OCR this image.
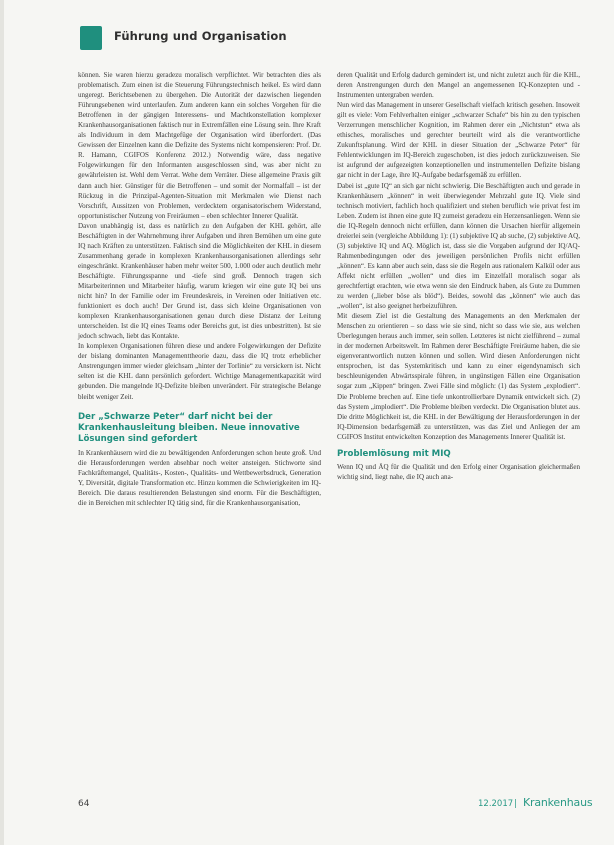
Führung und Organisation

können. Sie waren hierzu geradezu moralisch verpflichtet. Wir betrachten dies als problematisch. Zum einen ist die Steuerung Führungstechnisch heikel. Es wird dann ungeregt. Berichtsebenen zu übergehen. Die Autorität der dazwischen liegenden Führungsebenen wird unterlaufen. Zum anderen kann ein solches Vorgehen für die Betroffenen in der gängigen Interessens- und Machtkonstellation komplexer Krankenhausorganisationen faktisch nur in Extremfällen eine Lösung sein. Ihre Kraft als Individuum in dem Machtgefüge der Organisation wird überfordert. (Das Gewissen der Einzelnen kann die Defizite des Systems nicht kompensieren: Prof. Dr. R. Hamann, CGIFOS Konferenz 2012.) Notwendig wäre, dass negative Folgewirkungen für den Informanten ausgeschlossen sind, was aber nicht zu gewährleisten ist. Wehl dem Verrat. Wehe dem Verräter. Diese allgemeine Praxis gilt dann auch hier. Günstiger für die Betroffenen – und somit der Normalfall – ist der Rückzug in die Prinzipal-Agenten-Situation mit Merkmalen wie Dienst nach Vorschrift, Aussitzen von Problemen, verdecktem organisatorischem Widerstand, opportunistischer Nutzung von Freiräumen – eben schlechter Innerer Qualität.

Davon unabhängig ist, dass es natürlich zu den Aufgaben der KHL gehört, alle Beschäftigten in der Wahrnehmung ihrer Aufgaben und ihren Bemühen um eine gute IQ nach Kräften zu unterstützen. Faktisch sind die Möglichkeiten der KHL in diesem Zusammenhang gerade in komplexen Krankenhausorganisationen allerdings sehr eingeschränkt. Krankenhäuser haben mehr weiter 500, 1.000 oder auch deutlich mehr Beschäftigte. Führungsspanne und -tiefe sind groß. Dennoch tragen sich Mitarbeiterinnen und Mitarbeiter häufig, warum kriegen wir eine gute IQ bei uns nicht hin? In der Familie oder im Freundeskreis, in Vereinen oder Initiativen etc. funktioniert es doch auch! Der Grund ist, dass sich kleine Organisationen von komplexen Krankenhausorganisationen genau durch diese Distanz der Leitung unterscheiden. Ist die IQ eines Teams oder Bereichs gut, ist dies unbestritten). Ist sie jedoch schwach, liebt das Kontakte.

In komplexen Organisationen führen diese und andere Folgewirkungen der Defizite der bislang dominanten Managementtheorie dazu, dass die IQ trotz erheblicher Anstrengungen immer wieder gleichsam „hinter der Torlinie“ zu versickern ist. Nicht selten ist die KHL dann persönlich gefordert. Wichtige Managementkapazität wird gebunden. Die mangelnde IQ-Defizite bleiben unverändert. Für strategische Belange bleibt weniger Zeit.

Der „Schwarze Peter“ darf nicht bei der Krankenhausleitung bleiben. Neue innovative Lösungen sind gefordert

In Krankenhäusern wird die zu bewältigenden Anforderungen schon heute groß. Und die Herausforderungen werden absehbar noch weiter ansteigen. Stichworte sind Fachkräftemangel, Qualitäts-, Kosten-, Qualitäts- und Wettbewerbsdruck, Generation Y, Diversität, digitale Transformation etc. Hinzu kommen die Schwierigkeiten im IQ-Bereich. Die daraus resultierenden Belastungen sind enorm. Für die Beschäftigten, die in Bereichen mit schlechter IQ tätig sind, für die Krankenhausorganisation,

deren Qualität und Erfolg dadurch gemindert ist, und nicht zuletzt auch für die KHL, deren Anstrengungen durch den Mangel an angemessenen IQ-Konzepten und -Instrumenten untergraben werden.

Nun wird das Management in unserer Gesellschaft vielfach kritisch gesehen. Insoweit gilt es viele: Vom Fehlverhalten einiger „schwarzer Schafe“ bis hin zu den typischen Verzerrungen menschlicher Kognition, im Rahmen derer ein „Nichtstun“ etwa als ethisches, moralisches und gerechter beurteilt wird als die verantwortliche Zukunftsplanung. Wird der KHL in dieser Situation der „Schwarze Peter“ für Fehlentwicklungen im IQ-Bereich zugeschoben, ist dies jedoch zurückzuweisen. Sie ist aufgrund der aufgezeigten konzeptionellen und instrumentellen Defizite bislang gar nicht in der Lage, ihre IQ-Aufgabe bedarfsgemäß zu erfüllen.

Dabei ist „gute IQ“ an sich gar nicht schwierig. Die Beschäftigten auch und gerade in Krankenhäusern „können“ in weit überwiegender Mehrzahl gute IQ. Viele sind technisch motiviert, fachlich hoch qualifiziert und stehen beruflich wie privat fest im Leben. Zudem ist ihnen eine gute IQ zumeist geradezu ein Herzensanliegen. Wenn sie die IQ-Regeln dennoch nicht erfüllen, dann können die Ursachen hierfür allgemein dreierlei sein (vergleiche Abbildung 1): (1) subjektive IQ ab suche, (2) subjektive AQ, (3) subjektive IQ und AQ. Möglich ist, dass sie die Vorgaben aufgrund der IQ/AQ-Rahmenbedingungen oder des jeweiligen persönlichen Profils nicht erfüllen „können“. Es kann aber auch sein, dass sie die Regeln aus rationalem Kalkül oder aus Affekt nicht erfüllen „wollen“ und dies im Einzelfall moralisch sogar als gerechtfertigt erachten, wie etwa wenn sie den Eindruck haben, als Gute zu Dummen zu werden („lieber böse als blöd“). Beides, sowohl das „können“ wie auch das „wollen“, ist also geeignet herbeizuführen.

Mit diesem Ziel ist die Gestaltung des Managements an den Merkmalen der Menschen zu orientieren – so dass wie sie sind, nicht so dass wie sie, aus welchen Überlegungen heraus auch immer, sein sollen. Letzteres ist nicht zielführend – zumal in der modernen Arbeitswelt. Im Rahmen derer Beschäftigte Freiräume haben, die sie eigenverantwortlich nutzen können und sollen. Wird diesen Anforderungen nicht entsprochen, ist das Systemkritisch und kann zu einer eigendynamisch sich beschleunigenden Abwärtsspirale führen, in ungünstigen Fällen eine Organisation sogar zum „Kippen“ bringen. Zwei Fälle sind möglich: (1) das System „explodiert“. Die Probleme brechen auf. Eine tiefe unkontrollierbare Dynamik entwickelt sich. (2) das System „implodiert“. Die Probleme bleiben verdeckt. Die Organisation blutet aus. Die dritte Möglichkeit ist, die KHL in der Bewältigung der Herausforderungen in der IQ-Dimension bedarfsgemäß zu unterstützen, was das Ziel und Anliegen der am CGIFOS Institut entwickelten Konzeption des Managements Innerer Qualität ist.

Problemlösung mit MIQ

Wenn IQ und ÄQ für die Qualität und den Erfolg einer Organisation gleichermaßen wichtig sind, liegt nahe, die IQ auch ana-

64	12.2017 | Krankenhaus
